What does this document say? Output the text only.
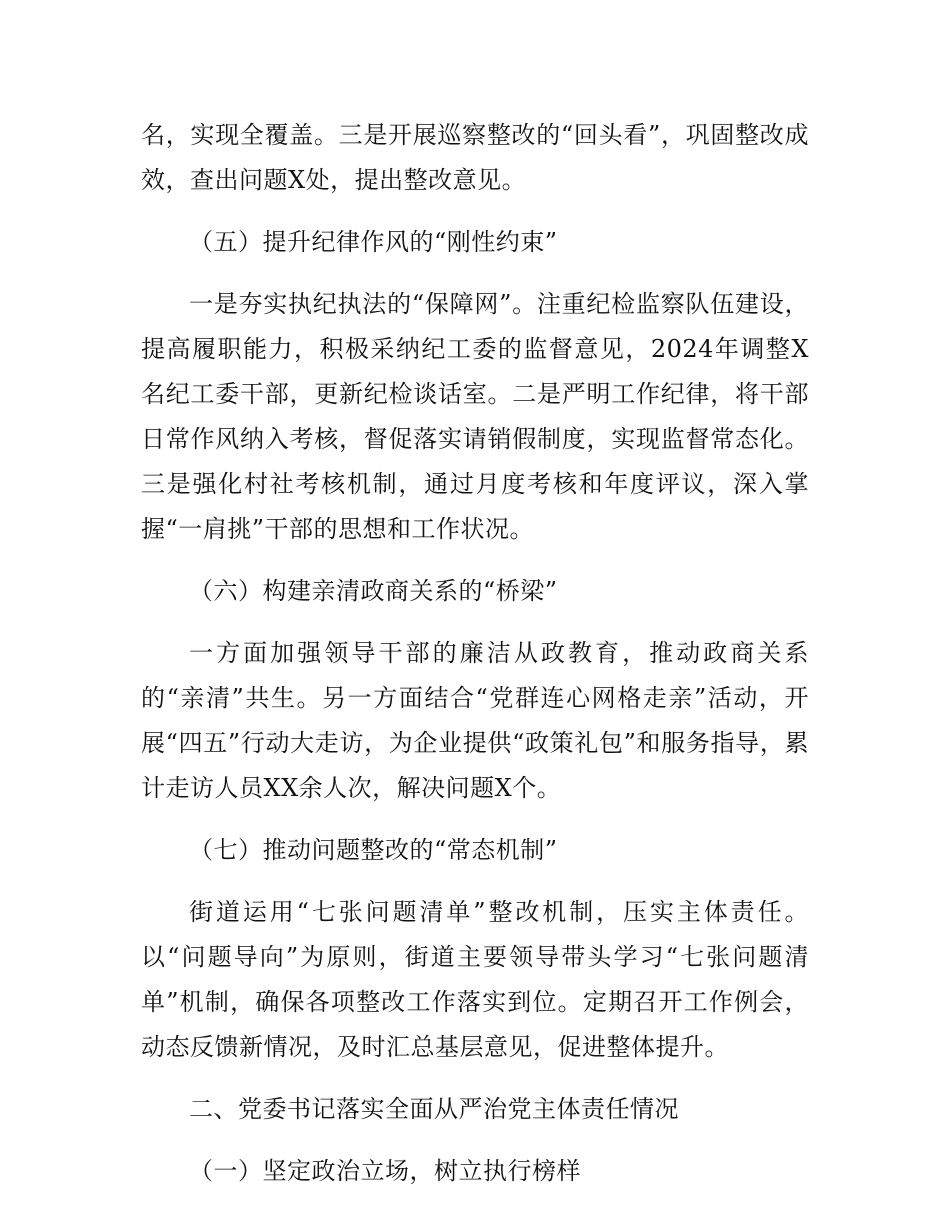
名，实现全覆盖。三是开展巡察整改的“回头看”，巩固整改成效，查出问题X处，提出整改意见。

（五）提升纪律作风的“刚性约束”

一是夯实执纪执法的“保障网”。注重纪检监察队伍建设，提高履职能力，积极采纳纪工委的监督意见，2024年调整X名纪工委干部，更新纪检谈话室。二是严明工作纪律，将干部日常作风纳入考核，督促落实请销假制度，实现监督常态化。三是强化村社考核机制，通过月度考核和年度评议，深入掌握“一肩挑”干部的思想和工作状况。

（六）构建亲清政商关系的“桥梁”

一方面加强领导干部的廉洁从政教育，推动政商关系的“亲清”共生。另一方面结合“党群连心网格走亲”活动，开展“四五”行动大走访，为企业提供“政策礼包”和服务指导，累计走访人员XX余人次，解决问题X个。

（七）推动问题整改的“常态机制”

街道运用“七张问题清单”整改机制，压实主体责任。以“问题导向”为原则，街道主要领导带头学习“七张问题清单”机制，确保各项整改工作落实到位。定期召开工作例会，动态反馈新情况，及时汇总基层意见，促进整体提升。

二、党委书记落实全面从严治党主体责任情况

（一）坚定政治立场，树立执行榜样
